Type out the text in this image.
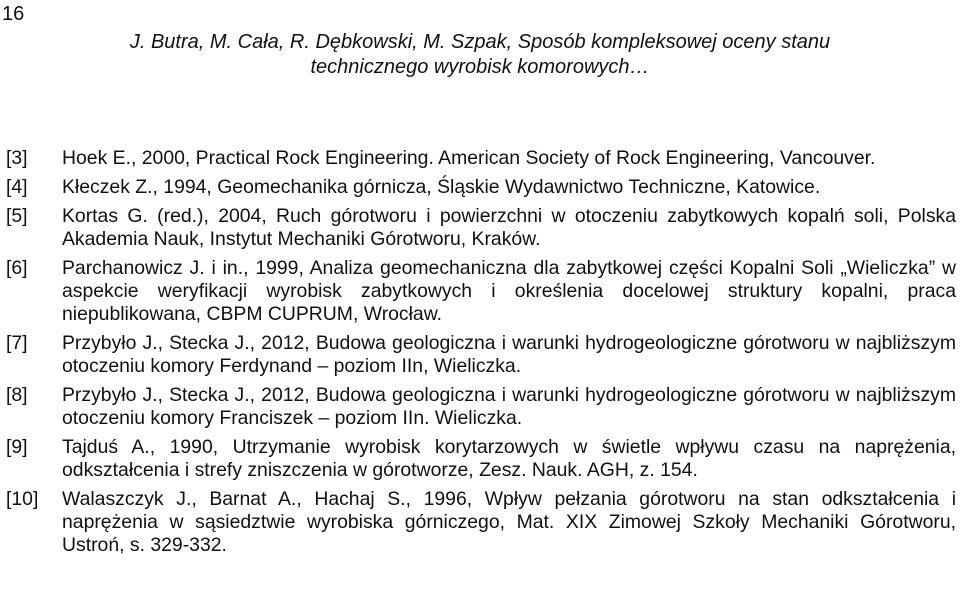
16
J. Butra, M. Cała, R. Dębkowski, M. Szpak, Sposób kompleksowej oceny stanu
technicznego wyrobisk komorowych…
[3] Hoek E., 2000, Practical Rock Engineering. American Society of Rock Engineering, Vancouver.
[4] Kłeczek Z., 1994, Geomechanika górnicza, Śląskie Wydawnictwo Techniczne, Katowice.
[5] Kortas G. (red.), 2004, Ruch górotworu i powierzchni w otoczeniu zabytkowych kopalń soli, Polska Akademia Nauk, Instytut Mechaniki Górotworu, Kraków.
[6] Parchanowicz J. i in., 1999, Analiza geomechaniczna dla zabytkowej części Kopalni Soli „Wieliczka” w aspekcie weryfikacji wyrobisk zabytkowych i określenia docelowej struktury kopalni, praca niepublikowana, CBPM CUPRUM, Wrocław.
[7] Przybyło J., Stecka J., 2012, Budowa geologiczna i warunki hydrogeologiczne górotworu w najbliższym otoczeniu komory Ferdynand – poziom IIn, Wieliczka.
[8] Przybyło J., Stecka J., 2012, Budowa geologiczna i warunki hydrogeologiczne górotworu w najbliższym otoczeniu komory Franciszek – poziom IIn. Wieliczka.
[9] Tajduś A., 1990, Utrzymanie wyrobisk korytarzowych w świetle wpływu czasu na naprężenia, odkształcenia i strefy zniszczenia w górotworze, Zesz. Nauk. AGH, z. 154.
[10] Walaszczyk J., Barnat A., Hachaj S., 1996, Wpływ pełzania górotworu na stan odkształcenia i naprężenia w sąsiedztwie wyrobiska górniczego, Mat. XIX Zimowej Szkoły Mechaniki Górotworu, Ustroń, s. 329-332.
